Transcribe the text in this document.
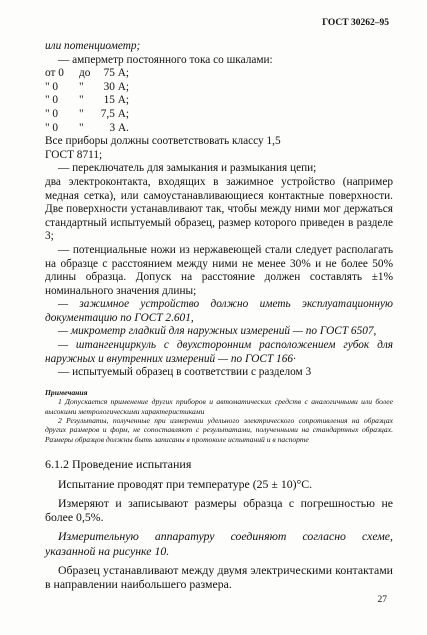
ГОСТ 30262–95

или потенциометр;

— амперметр постоянного тока со шкалами:

от 0 до	75 А;
" 0	"	30 А;
" 0	"	15 А;
" 0	"	7,5 А;
" 0	"	3 А.

Все приборы должны соответствовать классу 1,5

ГОСТ 8711;

— переключатель для замыкания и размыкания цепи;

два электроконтакта, входящих в зажимное устройство (например медная сетка), или самоустанавливающиеся контактные поверхности. Две поверхности устанавливают так, чтобы между ними мог держаться стандартный испытуемый образец, размер которого приведен в разделе 3;

— потенциальные ножи из нержавеющей стали следует располагать на образце с расстоянием между ними не менее 30% и не более 50% длины образца. Допуск на расстояние должен составлять ±1% номинального значения длины;

— зажимное устройство должно иметь эксплуатационную документацию по ГОСТ 2.601,

— микрометр гладкий для наружных измерений — по ГОСТ 6507,

— штангенциркуль с двухсторонним расположением губок для наружных и внутренних измерений — по ГОСТ 166·

— испытуемый образец в соответствии с разделом 3

Примечания

1 Допускается применение других приборов и автоматических средств с аналогичными или более высокими метрологическими характеристиками

2 Результаты, полученные при измерении удельного электрического сопротивления на образцах других размеров и форм, не сопоставляют с результатами, полученными на стандартных образцах. Размеры образцов должны быть записаны в протоколе испытаний и в паспорте

6.1.2 Проведение испытания

Испытание проводят при температуре (25 ± 10)°С.

Измеряют и записывают размеры образца с погрешностью не более 0,5%.

Измерительную аппаратуру соединяют согласно схеме, указанной на рисунке 10.

Образец устанавливают между двумя электрическими контактами в направлении наибольшего размера.

27
